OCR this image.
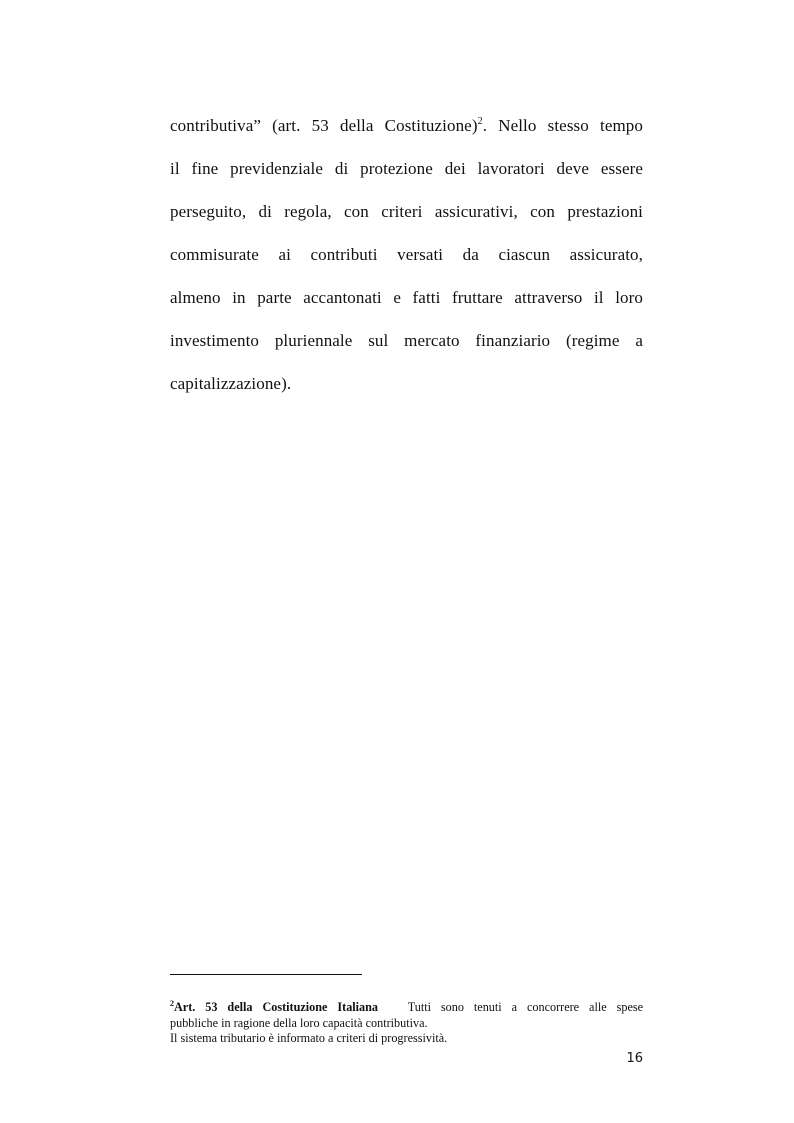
contributiva” (art. 53 della Costituzione)$^2$. Nello stesso tempo
il fine previdenziale di protezione dei lavoratori deve essere
perseguito, di regola, con criteri assicurativi, con prestazioni
commisurate ai contributi versati da ciascun assicurato,
almeno in parte accantonati e fatti fruttare attraverso il loro
investimento pluriennale sul mercato finanziario (regime a
capitalizzazione).
$^2$Art. 53 della Costituzione Italiana Tutti sono tenuti a concorrere alle spese
pubbliche in ragione della loro capacità contributiva.
Il sistema tributario è informato a criteri di progressività.
16
